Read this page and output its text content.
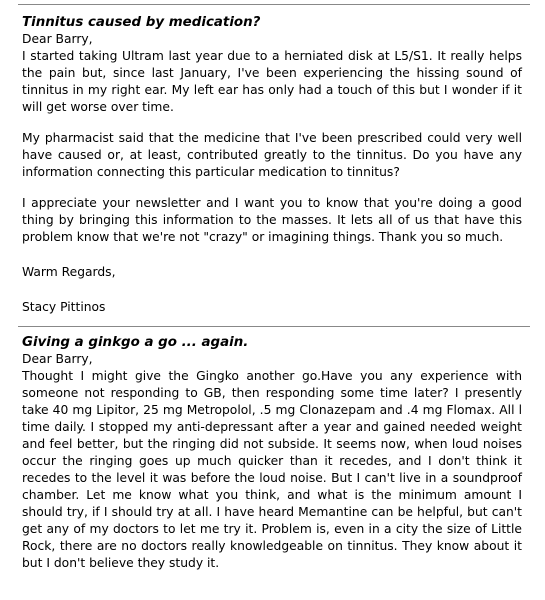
Tinnitus caused by medication?

Dear Barry,

I started taking Ultram last year due to a herniated disk at L5/S1. It really helps the pain but, since last January, I've been experiencing the hissing sound of tinnitus in my right ear. My left ear has only had a touch of this but I wonder if it will get worse over time.

My pharmacist said that the medicine that I've been prescribed could very well have caused or, at least, contributed greatly to the tinnitus. Do you have any information connecting this particular medication to tinnitus?

I appreciate your newsletter and I want you to know that you're doing a good thing by bringing this information to the masses. It lets all of us that have this problem know that we're not "crazy" or imagining things. Thank you so much.

Warm Regards,

Stacy Pittinos

Giving a ginkgo a go ... again.

Dear Barry,

Thought I might give the Gingko another go.Have you any experience with someone not responding to GB, then responding some time later? I presently take 40 mg Lipitor, 25 mg Metropolol, .5 mg Clonazepam and .4 mg Flomax. All l time daily. I stopped my anti-depressant after a year and gained needed weight and feel better, but the ringing did not subside. It seems now, when loud noises occur the ringing goes up much quicker than it recedes, and I don't think it recedes to the level it was before the loud noise. But I can't live in a soundproof chamber. Let me know what you think, and what is the minimum amount I should try, if I should try at all. I have heard Memantine can be helpful, but can't get any of my doctors to let me try it. Problem is, even in a city the size of Little Rock, there are no doctors really knowledgeable on tinnitus. They know about it but I don't believe they study it.
